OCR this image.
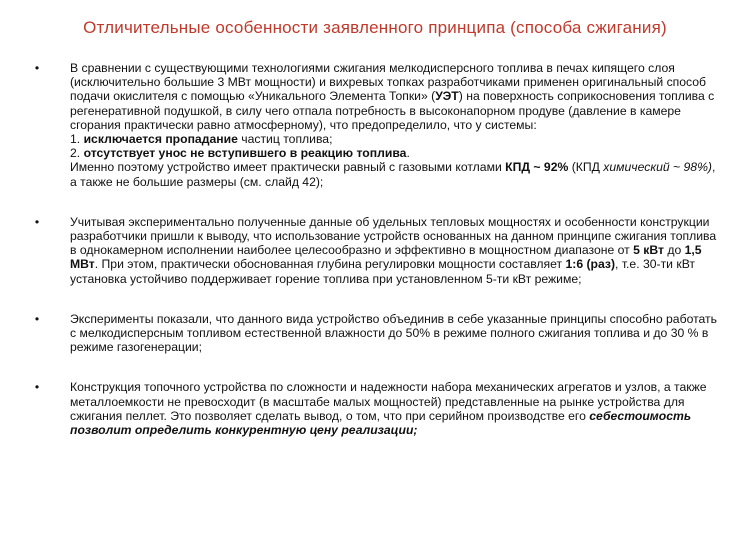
Отличительные особенности заявленного принципа (способа сжигания)
•	В сравнении с существующими технологиями сжигания мелкодисперсного топлива в печах кипящего слоя (исключительно большие 3 МВт мощности) и вихревых топках разработчиками применен оригинальный способ подачи окислителя с помощью «Уникального Элемента Топки» (УЭТ) на поверхность соприкосновения топлива с регенеративной подушкой, в силу чего отпала потребность в высоконапорном продуве (давление в камере сгорания практически равно атмосферному), что предопределило, что у системы:

1. исключается пропадание частиц топлива;

2. отсутствует унос не вступившего в реакцию топлива.

Именно поэтому устройство имеет практически равный с газовыми котлами КПД ~ 92% (КПД химический ~ 98%), а также не большие размеры (см. слайд 42);

•	Учитывая экспериментально полученные данные об удельных тепловых мощностях и особенности конструкции разработчики пришли к выводу, что использование устройств основанных на данном принципе сжигания топлива в однокамерном исполнении наиболее целесообразно и эффективно в мощностном диапазоне от 5 кВт до 1,5 МВт. При этом, практически обоснованная глубина регулировки мощности составляет 1:6 (раз), т.е. 30-ти кВт установка устойчиво поддерживает горение топлива при установленном 5-ти кВт режиме;

•	Эксперименты показали, что данного вида устройство объединив в себе указанные принципы способно работать с мелкодисперсным топливом естественной влажности до 50% в режиме полного сжигания топлива и до 30 % в режиме газогенерации;

•	Конструкция топочного устройства по сложности и надежности набора механических агрегатов и узлов, а также металлоемкости не превосходит (в масштабе малых мощностей) представленные на рынке устройства для сжигания пеллет. Это позволяет сделать вывод, о том, что при серийном производстве его себестоимость позволит определить конкурентную цену реализации;
